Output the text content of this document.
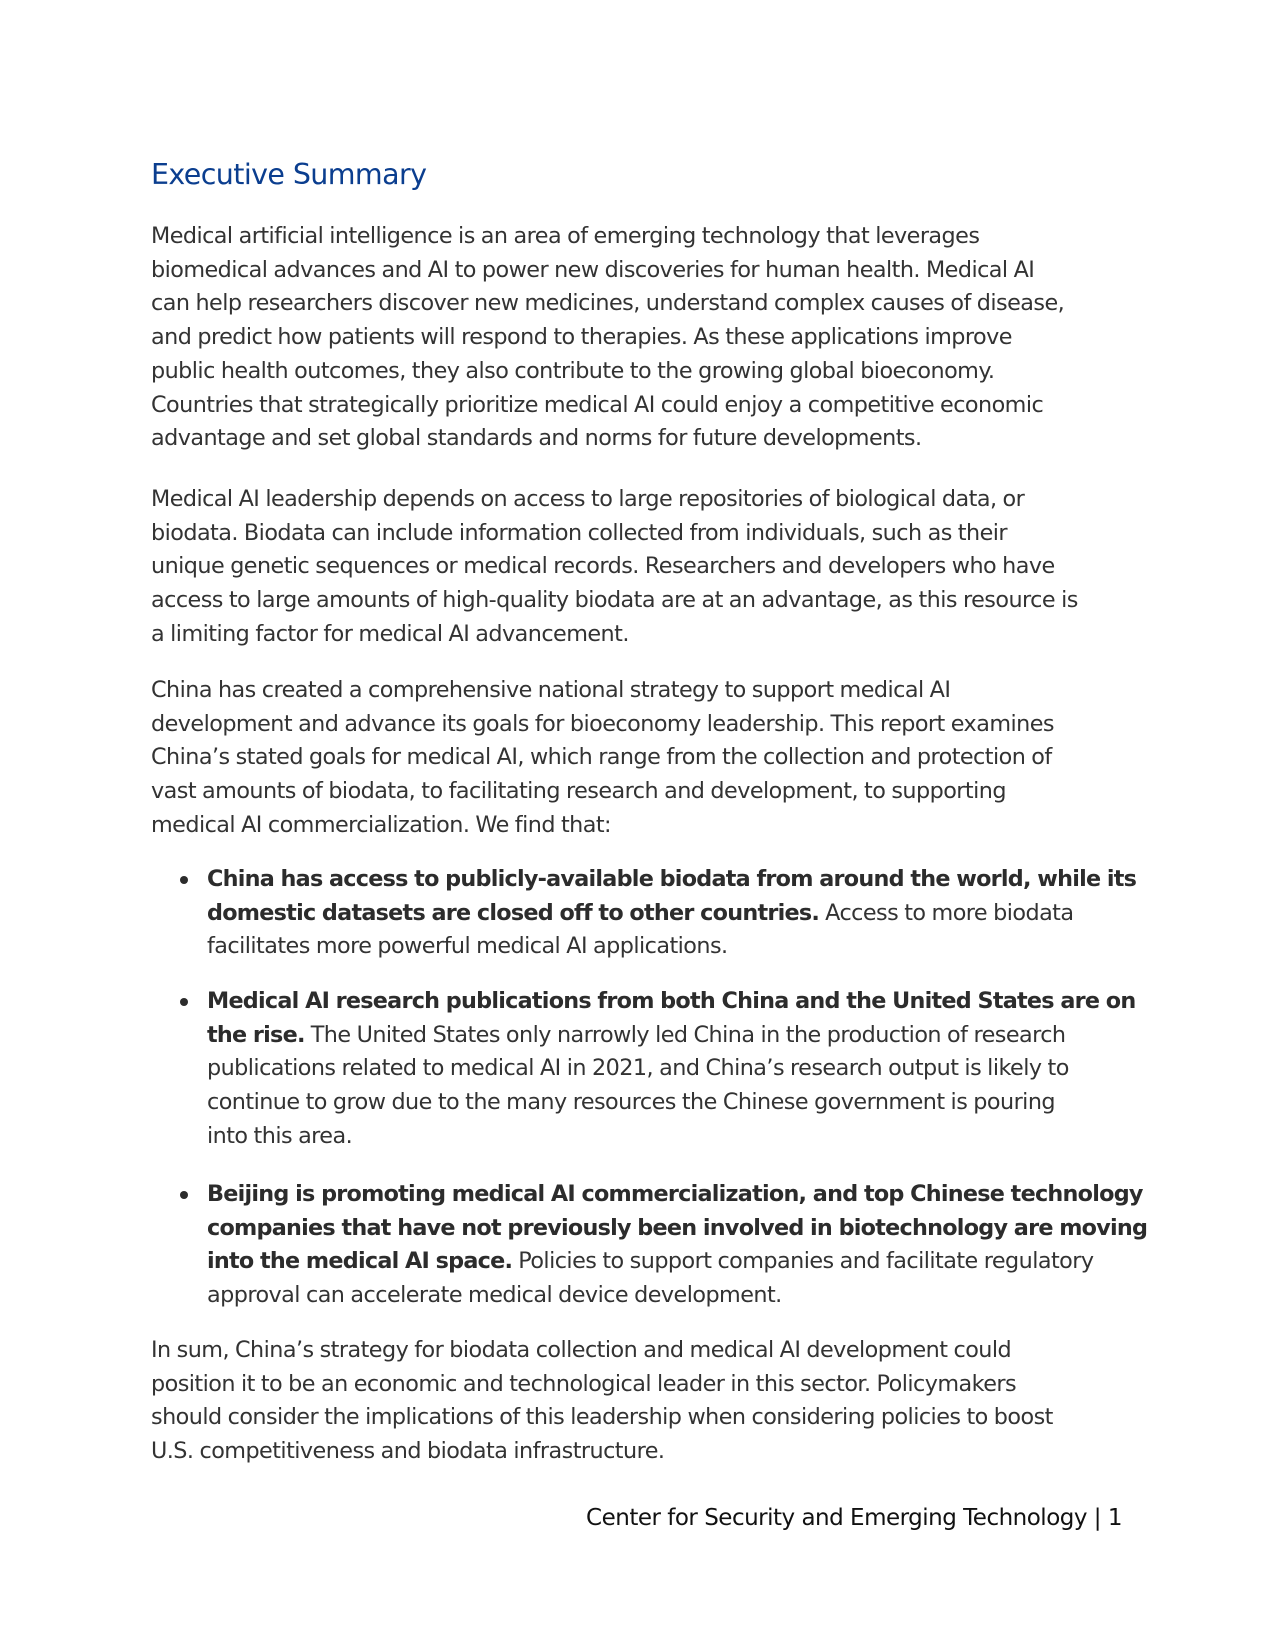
Executive Summary

Medical artificial intelligence is an area of emerging technology that leverages
biomedical advances and AI to power new discoveries for human health. Medical AI
can help researchers discover new medicines, understand complex causes of disease,
and predict how patients will respond to therapies. As these applications improve
public health outcomes, they also contribute to the growing global bioeconomy.
Countries that strategically prioritize medical AI could enjoy a competitive economic
advantage and set global standards and norms for future developments.

Medical AI leadership depends on access to large repositories of biological data, or
biodata. Biodata can include information collected from individuals, such as their
unique genetic sequences or medical records. Researchers and developers who have
access to large amounts of high-quality biodata are at an advantage, as this resource is
a limiting factor for medical AI advancement.

China has created a comprehensive national strategy to support medical AI
development and advance its goals for bioeconomy leadership. This report examines
China’s stated goals for medical AI, which range from the collection and protection of
vast amounts of biodata, to facilitating research and development, to supporting
medical AI commercialization. We find that:

China has access to publicly-available biodata from around the world, while its
domestic datasets are closed off to other countries. Access to more biodata
facilitates more powerful medical AI applications.
Medical AI research publications from both China and the United States are on
the rise. The United States only narrowly led China in the production of research
publications related to medical AI in 2021, and China’s research output is likely to
continue to grow due to the many resources the Chinese government is pouring
into this area.
Beijing is promoting medical AI commercialization, and top Chinese technology
companies that have not previously been involved in biotechnology are moving
into the medical AI space. Policies to support companies and facilitate regulatory
approval can accelerate medical device development.

In sum, China’s strategy for biodata collection and medical AI development could
position it to be an economic and technological leader in this sector. Policymakers
should consider the implications of this leadership when considering policies to boost
U.S. competitiveness and biodata infrastructure.

Center for Security and Emerging Technology | 1
